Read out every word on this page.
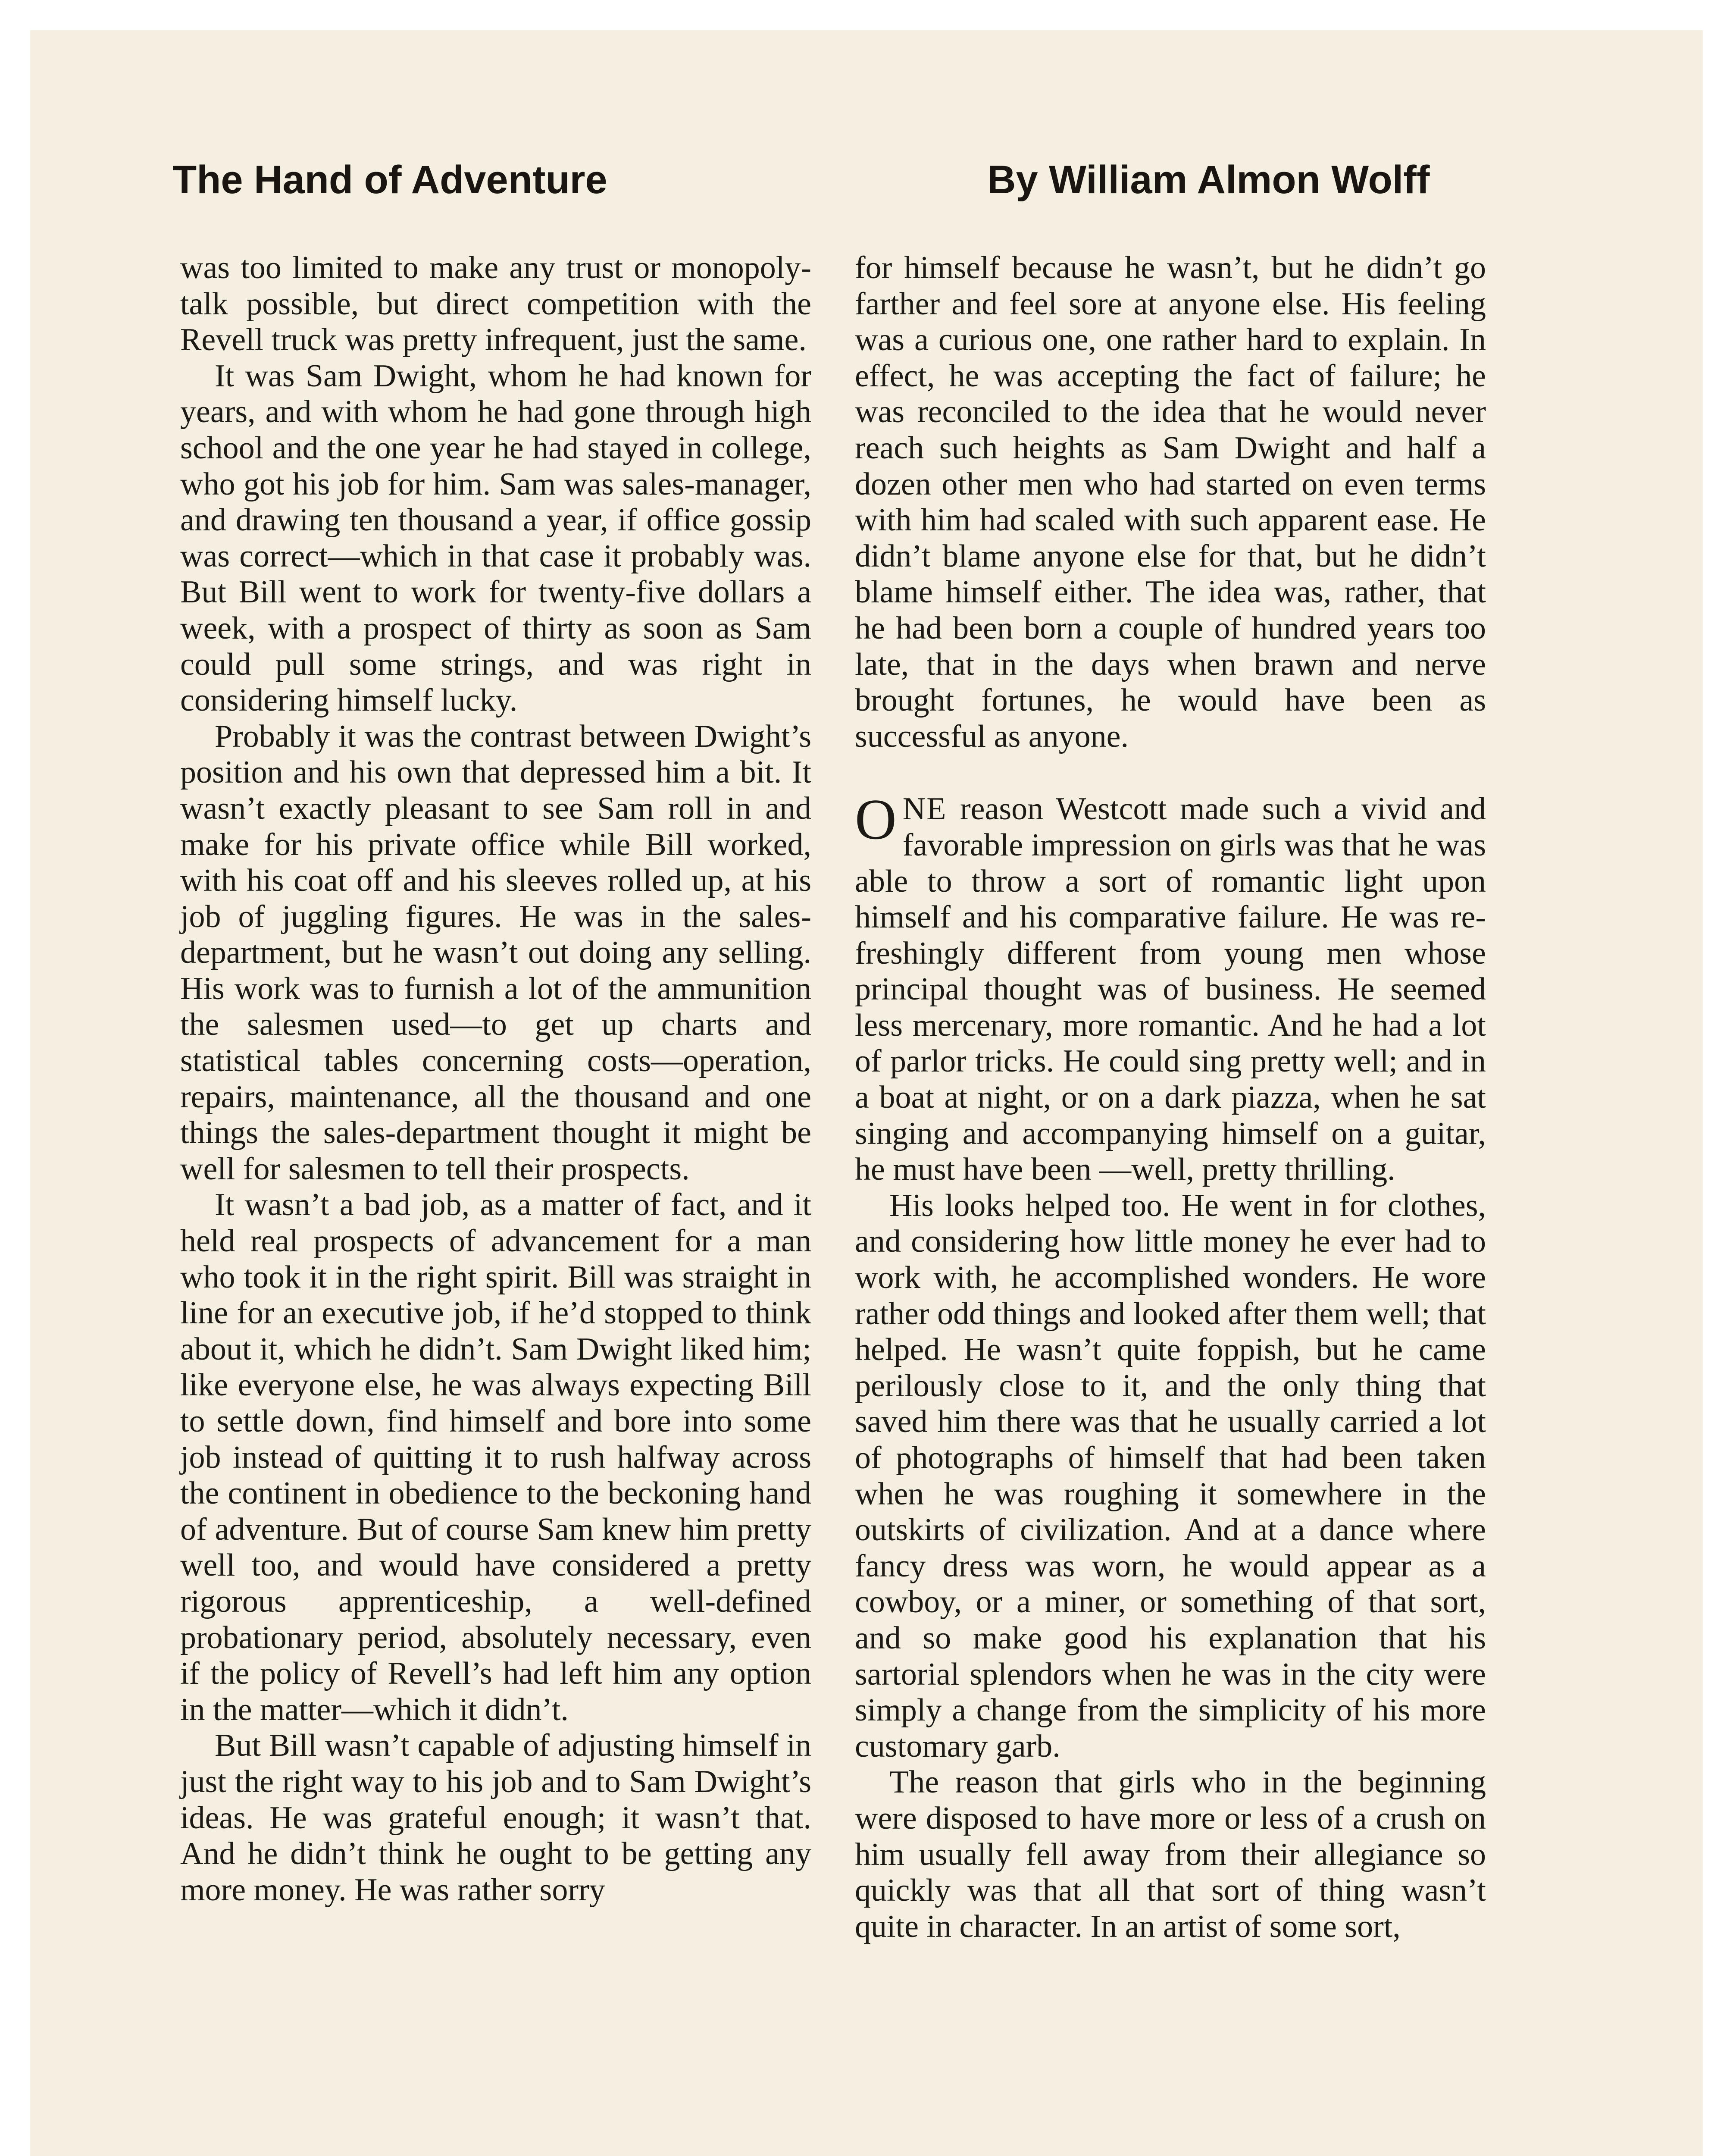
The Hand of Adventure	By William Almon Wolff

was too limited to make any trust or monopoly-talk possible, but direct competition with the Revell truck was pretty infrequent, just the same.

It was Sam Dwight, whom he had known for years, and with whom he had gone through high school and the one year he had stayed in college, who got his job for him. Sam was sales-manager, and drawing ten thousand a year, if office gossip was correct—which in that case it probably was. But Bill went to work for twenty-five dollars a week, with a prospect of thirty as soon as Sam could pull some strings, and was right in considering himself lucky.

Probably it was the contrast between Dwight’s position and his own that depressed him a bit. It wasn’t exactly pleasant to see Sam roll in and make for his private office while Bill worked, with his coat off and his sleeves rolled up, at his job of juggling figures. He was in the sales-department, but he wasn’t out doing any selling. His work was to furnish a lot of the ammunition the salesmen used—to get up charts and statistical tables concerning costs—operation, repairs, maintenance, all the thousand and one things the sales-department thought it might be well for salesmen to tell their prospects.

It wasn’t a bad job, as a matter of fact, and it held real prospects of advancement for a man who took it in the right spirit. Bill was straight in line for an executive job, if he’d stopped to think about it, which he didn’t. Sam Dwight liked him; like everyone else, he was always expecting Bill to settle down, find himself and bore into some job instead of quitting it to rush halfway across the continent in obedience to the beckoning hand of adventure. But of course Sam knew him pretty well too, and would have considered a pretty rigorous apprenticeship, a well-defined probationary period, absolutely necessary, even if the policy of Revell’s had left him any option in the matter—which it didn’t.

But Bill wasn’t capable of adjusting himself in just the right way to his job and to Sam Dwight’s ideas. He was grateful enough; it wasn’t that. And he didn’t think he ought to be getting any more money. He was rather sorry

for himself because he wasn’t, but he didn’t go farther and feel sore at anyone else. His feeling was a curious one, one rather hard to explain. In effect, he was accepting the fact of failure; he was reconciled to the idea that he would never reach such heights as Sam Dwight and half a dozen other men who had started on even terms with him had scaled with such apparent ease. He didn’t blame anyone else for that, but he didn’t blame himself either. The idea was, rather, that he had been born a couple of hundred years too late, that in the days when brawn and nerve brought fortunes, he would have been as successful as anyone.

ONE reason Westcott made such a vivid and favorable impression on girls was that he was able to throw a sort of romantic light upon himself and his comparative failure. He was refreshingly different from young men whose principal thought was of business. He seemed less mercenary, more romantic. And he had a lot of parlor tricks. He could sing pretty well; and in a boat at night, or on a dark piazza, when he sat singing and accompanying himself on a guitar, he must have been —well, pretty thrilling.

His looks helped too. He went in for clothes, and considering how little money he ever had to work with, he accomplished wonders. He wore rather odd things and looked after them well; that helped. He wasn’t quite foppish, but he came perilously close to it, and the only thing that saved him there was that he usually carried a lot of photographs of himself that had been taken when he was roughing it somewhere in the outskirts of civilization. And at a dance where fancy dress was worn, he would appear as a cowboy, or a miner, or something of that sort, and so make good his explanation that his sartorial splendors when he was in the city were simply a change from the simplicity of his more customary garb.

The reason that girls who in the beginning were disposed to have more or less of a crush on him usually fell away from their allegiance so quickly was that all that sort of thing wasn’t quite in character. In an artist of some sort,
